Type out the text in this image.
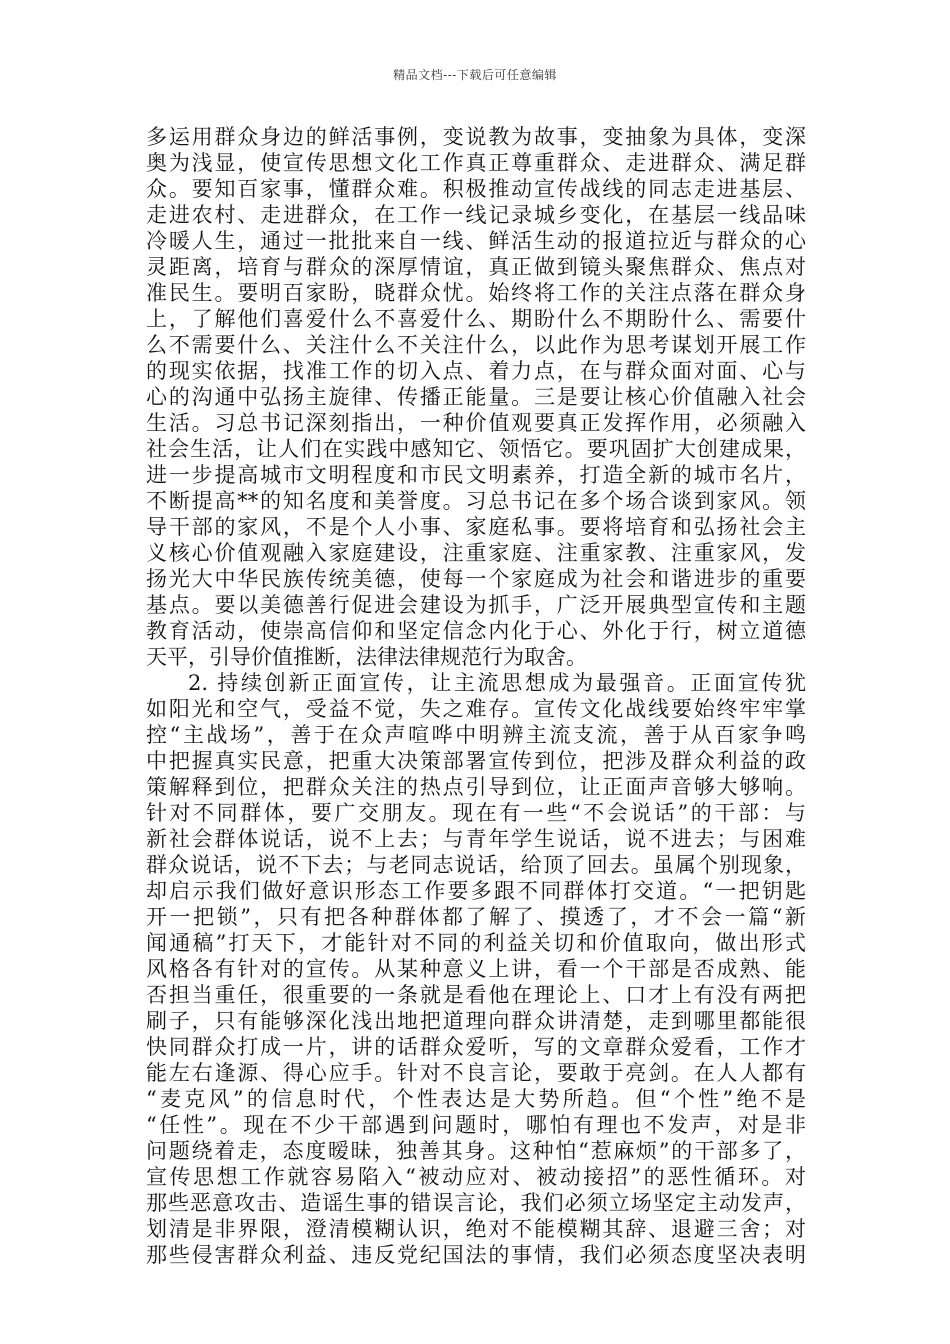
精品文档---下载后可任意编辑
多运用群众身边的鲜活事例，变说教为故事，变抽象为具体，变深
奥为浅显，使宣传思想文化工作真正尊重群众、走进群众、满足群
众。要知百家事，懂群众难。积极推动宣传战线的同志走进基层、
走进农村、走进群众，在工作一线记录城乡变化，在基层一线品味
冷暖人生，通过一批批来自一线、鲜活生动的报道拉近与群众的心
灵距离，培育与群众的深厚情谊，真正做到镜头聚焦群众、焦点对
准民生。要明百家盼，晓群众忧。始终将工作的关注点落在群众身
上，了解他们喜爱什么不喜爱什么、期盼什么不期盼什么、需要什
么不需要什么、关注什么不关注什么，以此作为思考谋划开展工作
的现实依据，找准工作的切入点、着力点，在与群众面对面、心与
心的沟通中弘扬主旋律、传播正能量。三是要让核心价值融入社会
生活。习总书记深刻指出，一种价值观要真正发挥作用，必须融入
社会生活，让人们在实践中感知它、领悟它。要巩固扩大创建成果，
进一步提高城市文明程度和市民文明素养，打造全新的城市名片，
不断提高**的知名度和美誉度。习总书记在多个场合谈到家风。领
导干部的家风，不是个人小事、家庭私事。要将培育和弘扬社会主
义核心价值观融入家庭建设，注重家庭、注重家教、注重家风，发
扬光大中华民族传统美德，使每一个家庭成为社会和谐进步的重要
基点。要以美德善行促进会建设为抓手，广泛开展典型宣传和主题
教育活动，使崇高信仰和坚定信念内化于心、外化于行，树立道德
天平，引导价值推断，法律法律规范行为取舍。
2. 持续创新正面宣传，让主流思想成为最强音。正面宣传犹
如阳光和空气，受益不觉，失之难存。宣传文化战线要始终牢牢掌
控“主战场”，善于在众声喧哗中明辨主流支流，善于从百家争鸣
中把握真实民意，把重大决策部署宣传到位，把涉及群众利益的政
策解释到位，把群众关注的热点引导到位，让正面声音够大够响。
针对不同群体，要广交朋友。现在有一些“不会说话”的干部：与
新社会群体说话，说不上去；与青年学生说话，说不进去；与困难
群众说话，说不下去；与老同志说话，给顶了回去。虽属个别现象，
却启示我们做好意识形态工作要多跟不同群体打交道。“一把钥匙
开一把锁”，只有把各种群体都了解了、摸透了，才不会一篇“新
闻通稿”打天下，才能针对不同的利益关切和价值取向，做出形式
风格各有针对的宣传。从某种意义上讲，看一个干部是否成熟、能
否担当重任，很重要的一条就是看他在理论上、口才上有没有两把
刷子，只有能够深化浅出地把道理向群众讲清楚，走到哪里都能很
快同群众打成一片，讲的话群众爱听，写的文章群众爱看，工作才
能左右逢源、得心应手。针对不良言论，要敢于亮剑。在人人都有
“麦克风”的信息时代，个性表达是大势所趋。但“个性”绝不是
“任性”。现在不少干部遇到问题时，哪怕有理也不发声，对是非
问题绕着走，态度暧昧，独善其身。这种怕“惹麻烦”的干部多了，
宣传思想工作就容易陷入“被动应对、被动接招”的恶性循环。对
那些恶意攻击、造谣生事的错误言论，我们必须立场坚定主动发声，
划清是非界限，澄清模糊认识，绝对不能模糊其辞、退避三舍；对
那些侵害群众利益、违反党纪国法的事情，我们必须态度坚决表明
